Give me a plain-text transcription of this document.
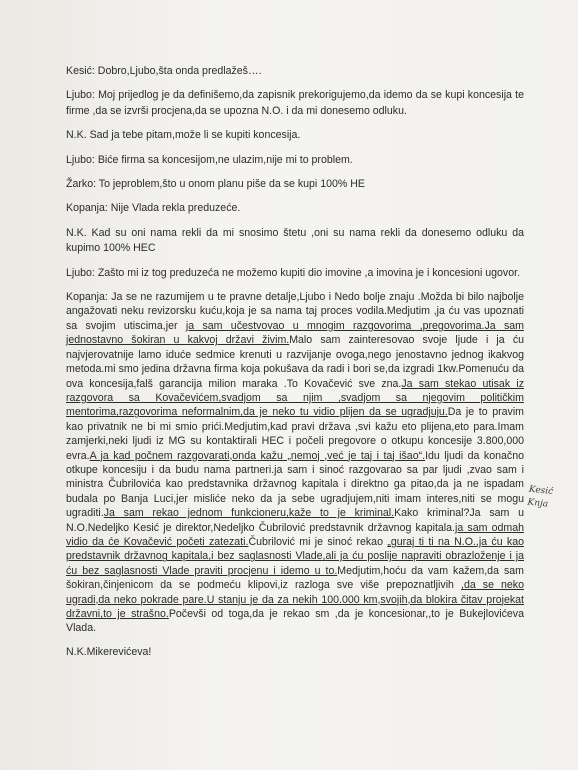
Kesić: Dobro,Ljubo,šta onda predlažeš….

Ljubo: Moj prijedlog je da definišemo,da zapisnik prekorigujemo,da idemo da se kupi koncesija te firme ,da se izvrši procjena,da se upozna N.O. i da mi donesemo odluku.

N.K. Sad ja tebe pitam,može li se kupiti koncesija.

Ljubo: Biće firma sa koncesijom,ne ulazim,nije mi to problem.

Žarko: To jeproblem,što u onom planu piše da se kupi 100% HE

Kopanja: Nije Vlada rekla preduzeće.

N.K. Kad su oni nama rekli da mi snosimo štetu ,oni su nama rekli da donesemo odluku da kupimo 100% HEC

Ljubo: Zašto mi iz tog preduzeća ne možemo kupiti dio imovine ,a imovina je i koncesioni ugovor.

Kopanja: Ja se ne razumijem u te pravne detalje,Ljubo i Nedo bolje znaju .Možda bi bilo najbolje angažovati neku revizorsku kuću,koja je sa nama taj proces vodila.Medjutim ,ja ću vas upoznati sa svojim utiscima,jer ja sam učestvovao u mnogim razgovorima ,pregovorima.Ja sam jednostavno šokiran u kakvoj državi živim.Malo sam zainteresovao svoje ljude i ja ću najvjerovatnije lamo iduće sedmice krenuti u razvijanje ovoga,nego jenostavno jednog ikakvog metoda.mi smo jedina državna firma koja pokušava da radi i bori se,da izgradi 1kw.Pomenuću da ova koncesija,falš garancija milion maraka .To Kovačević sve zna.Ja sam stekao utisak iz razgovora sa Kovačevićem,svadjom sa njim ,svadjom sa njegovim političkim mentorima,razgovorima neformalnim,da je neko tu vidio plijen da se ugradjuju.Da je to pravim kao privatnik ne bi mi smio prići.Medjutim,kad pravi država ,svi kažu eto plijena,eto para.Imam zamjerki,neki ljudi iz MG su kontaktirali HEC i počeli pregovore o otkupu koncesije 3.800,000 evra.A ja kad počnem razgovarati,onda kažu „nemoj ,već je taj i taj išao“.Idu ljudi da konačno otkupe koncesiju i da budu nama partneri.ja sam i sinoć razgovarao sa par ljudi ,zvao sam i ministra Čubrilovića kao predstavnika državnog kapitala i direktno ga pitao,da ja ne ispadam budala po Banja Luci,jer misliće neko da ja sebe ugradjujem,niti imam interes,niti se mogu ugraditi.Ja sam rekao jednom funkcioneru,kaže to je kriminal.Kako kriminal?Ja sam u N.O.Nedeljko Kesić je direktor,Nedeljko Čubrilović predstavnik državnog kapitala.ja sam odmah vidio da će Kovačević početi zatezati.Čubrilović mi je sinoć rekao „guraj ti ti na N.O.,ja ću kao predstavnik državnog kapitala,i bez saglasnosti Vlade,ali ja ću poslije napraviti obrazloženje i ja ću bez saglasnosti Vlade praviti procjenu i idemo u to.Medjutim,hoću da vam kažem,da sam šokiran,činjenicom da se podmeću klipovi,iz razloga sve više prepoznatljivih ,da se neko ugradi,da neko pokrade pare.U stanju je da za nekih 100.000 km,svojih,da blokira čitav projekat državni,to je strašno.Počevši od toga,da je rekao sm ,da je koncesionar,,to je Bukejlovićeva Vlada.

N.K.Mikerevićeva!

Kesić
Knja
